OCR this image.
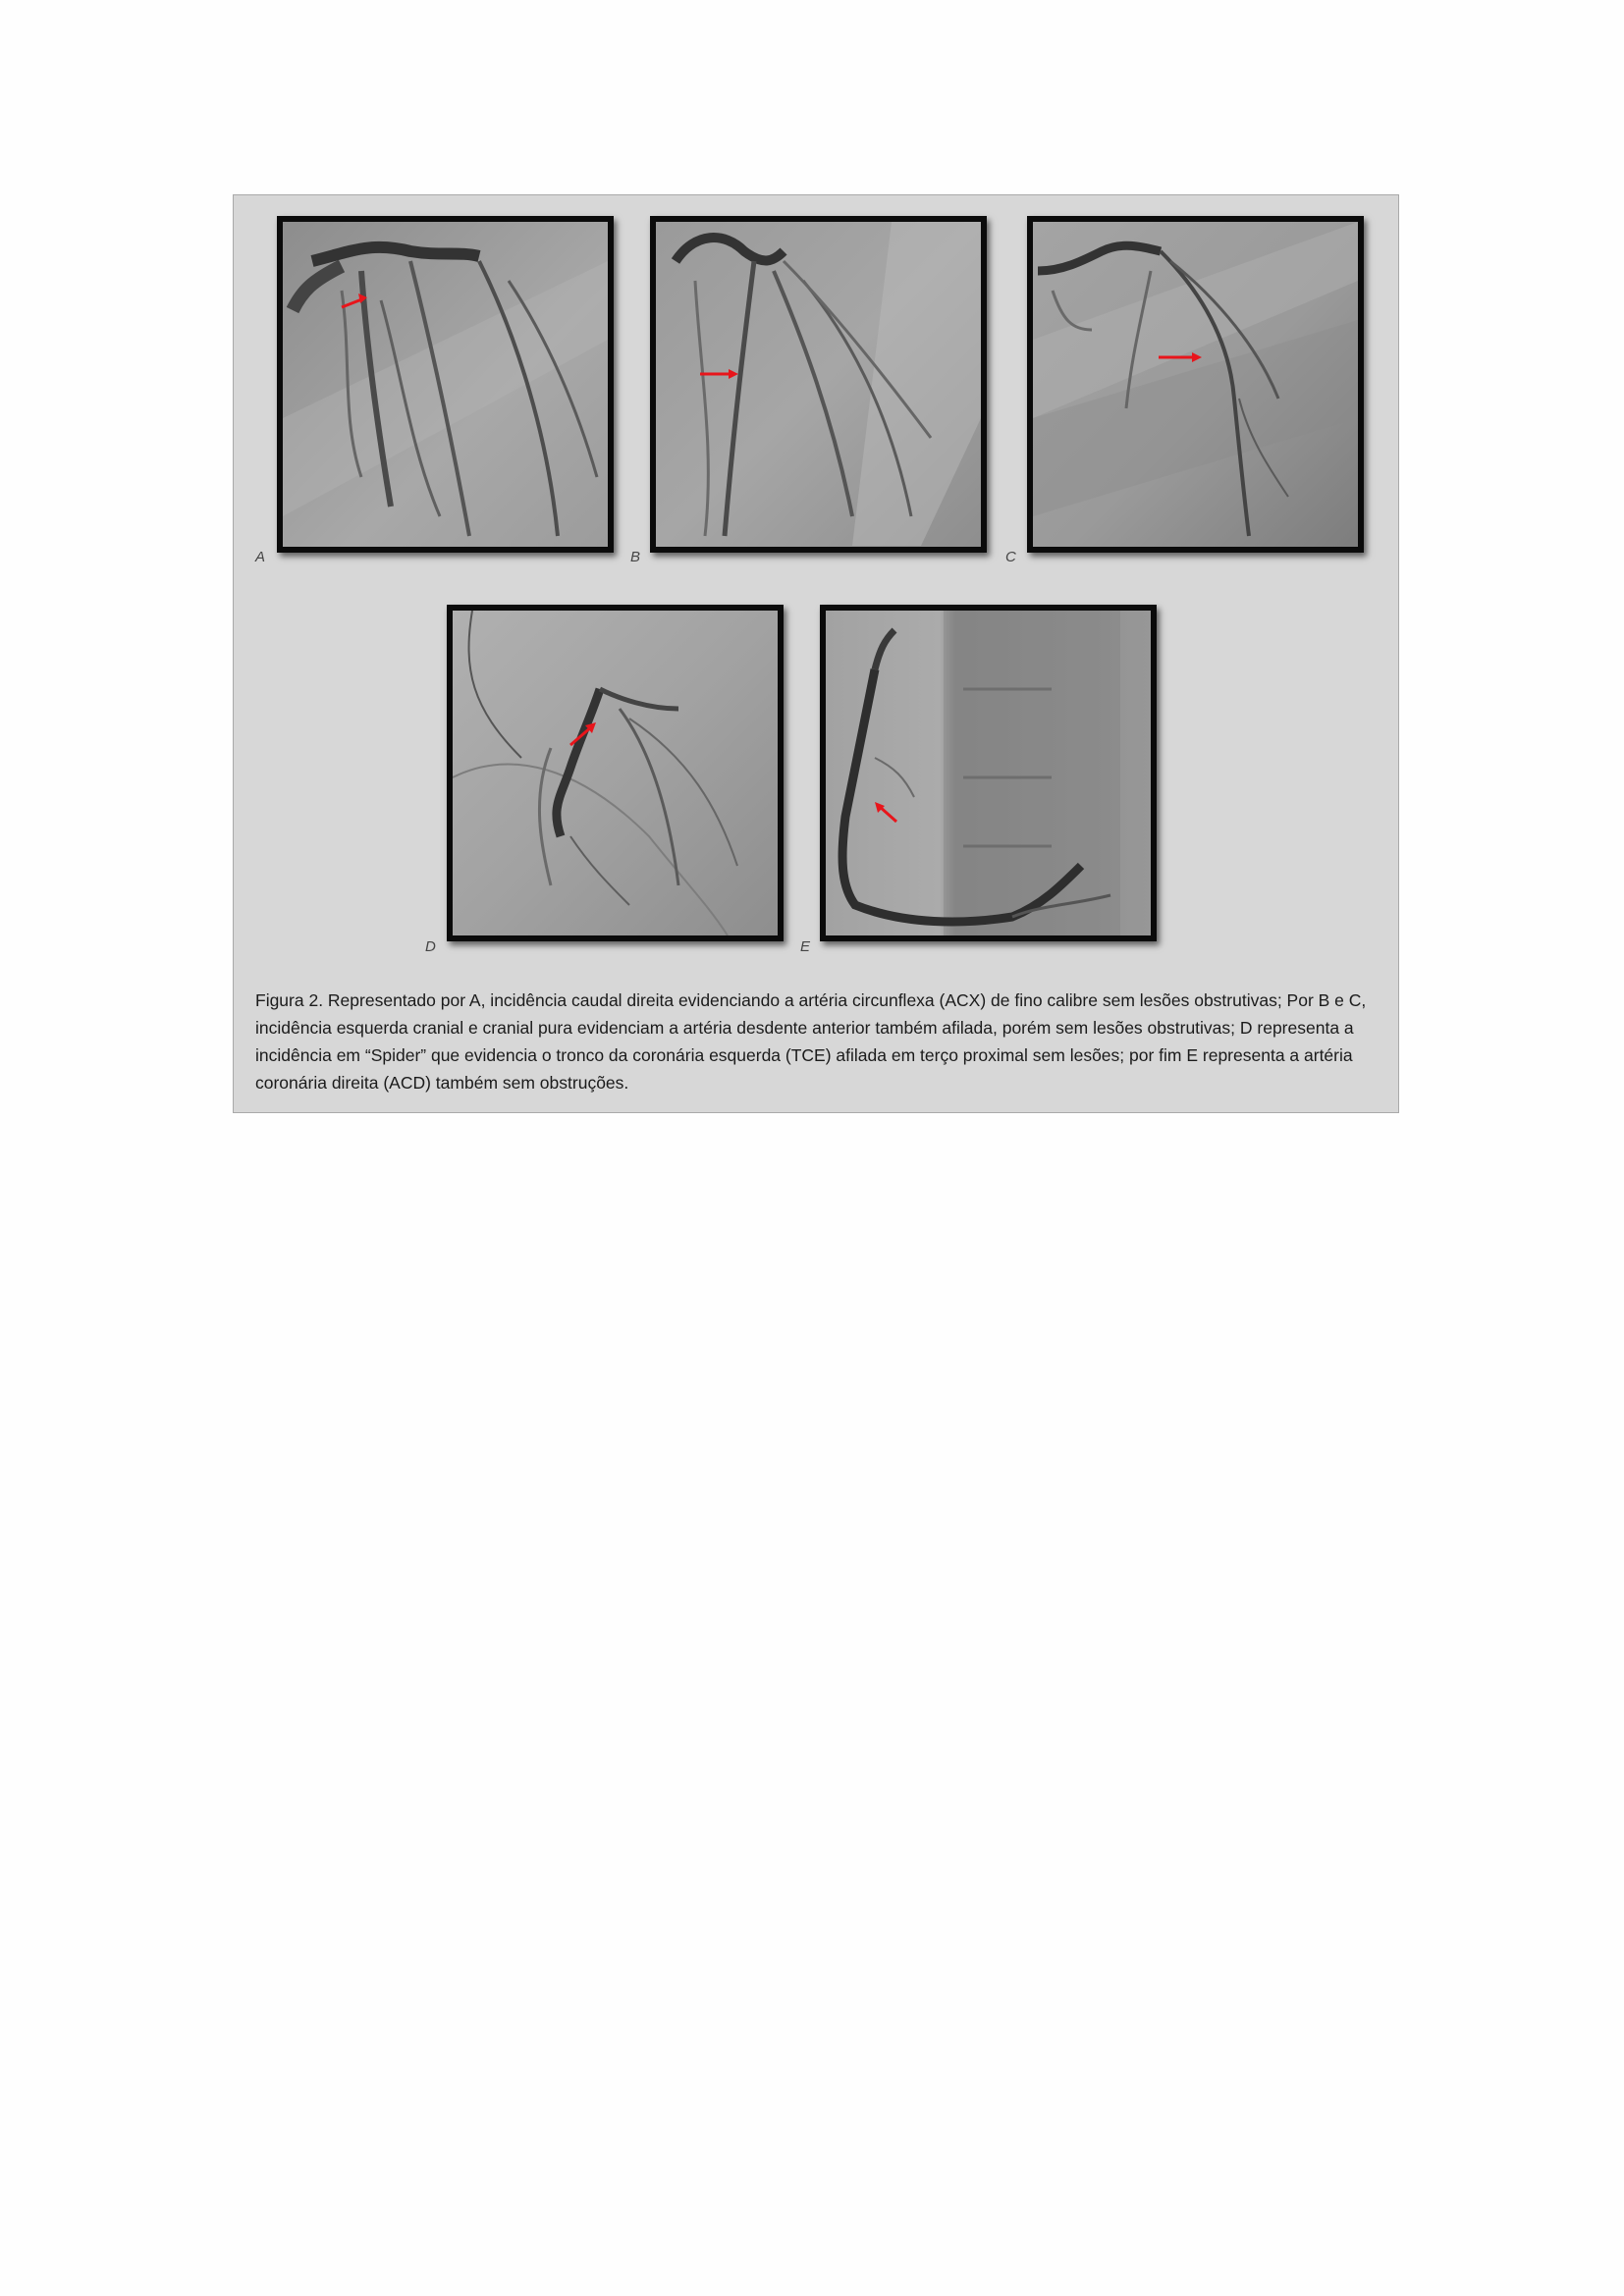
A	B	C
D	E
Figura 2. Representado por A, incidência caudal direita evidenciando a artéria circunflexa (ACX) de fino calibre sem lesões obstrutivas; Por B e C, incidência esquerda cranial e cranial pura evidenciam a artéria desdente anterior também afilada, porém sem lesões obstrutivas; D representa a incidência em “Spider” que evidencia o tronco da coronária esquerda (TCE) afilada em terço proximal sem lesões; por fim E representa a artéria coronária direita (ACD) também sem obstruções.
